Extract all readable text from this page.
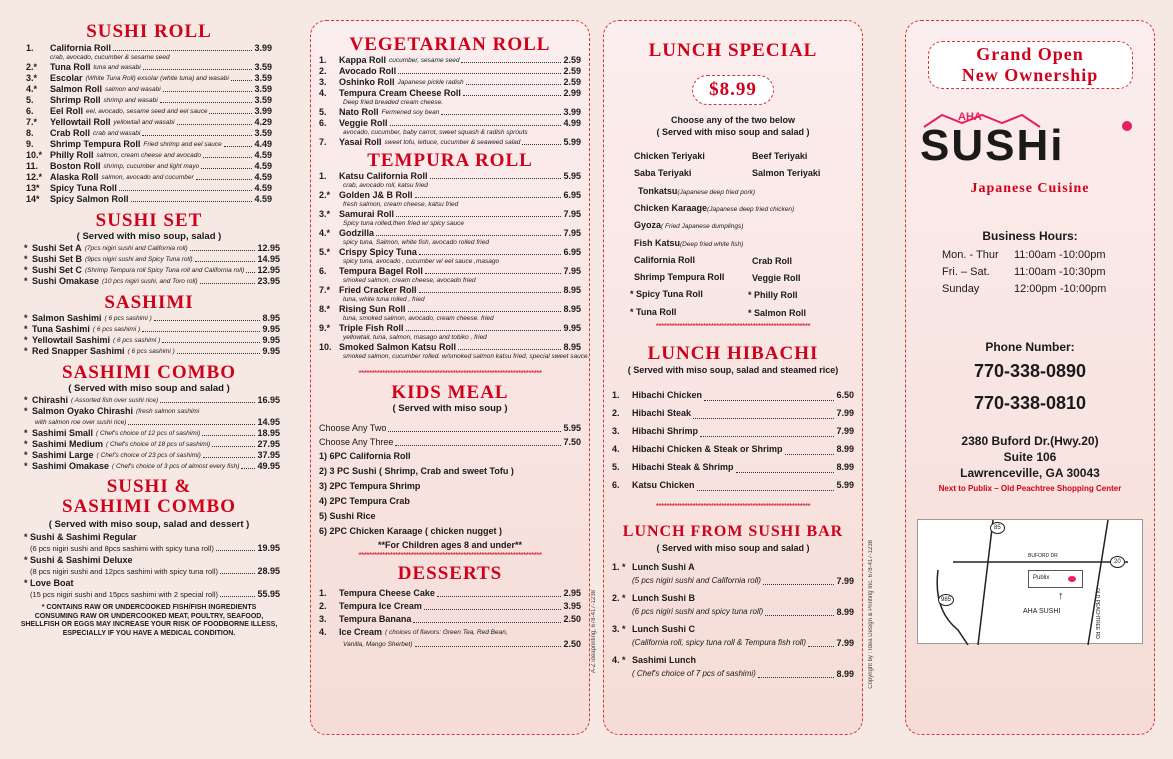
SUSHI ROLL
1.	California Roll	3.99
crab, avocado, cucumber & sesame seed
2.*	Tuna Roll tuna and wasabi	3.59
3.*	Escolar (White Tuna Roll) exsolar (white tuna) and wasabi	3.59
4.*	Salmon Roll salmon and wasabi	3.59
5.	Shrimp Roll shrimp and wasabi	3.59
6.	Eel Roll eel, avocado, sesame seed and eel sauce	3.99
7.*	Yellowtail Roll yellowtail and wasabi	4.29
8.	Crab Roll crab and wasabi	3.59
9.	Shrimp Tempura Roll Fried shrimp and eel sauce	4.49
10.* Philly Roll salmon, cream cheese and avocado	4.59
11.	Boston Roll shrimp, cucumber and light mayo	4.59
12.* Alaska Roll salmon, avocado and cucumber	4.59
13*	Spicy Tuna Roll	4.59
14*	Spicy Salmon Roll	4.59
SUSHI SET
( Served with miso soup, salad )
* Sushi Set A (7pcs nigiri sushi and California roll)	12.95
* Sushi Set B (9pcs nigiri sushi and Spicy Tuna roll)	14.95
* Sushi Set C (Shrimp Tempura roll Spicy Tuna roll and California roll) 12.95
* Sushi Omakase (10 pcs nigiri sushi, and Toro roll)	23.95
SASHIMI
* Salmon Sashimi ( 6 pcs sashimi )	8.95
* Tuna Sashimi ( 6 pcs sashimi )	9.95
* Yellowtail Sashimi ( 6 pcs sashimi )	9.95
* Red Snapper Sashimi ( 6 pcs sashimi )	9.95
SASHIMI COMBO
( Served with miso soup and salad )
* Chirashi ( Assorted fish over sushi rice)	16.95
* Salmon Oyako Chirashi (fresh salmon sashimi
with salmon roe over sushi rice)	14.95
* Sashimi Small ( Chef's choice of 12 pcs of sashimi)	18.95
* Sashimi Medium ( Chef's choice of 18 pcs of sashimi)	27.95
* Sashimi Large ( Chef's choice of 23 pcs of sashimi)	37.95
* Sashimi Omakase ( Chef's choice of 3 pcs of almost every fish) 49.95
SUSHI &
SASHIMI COMBO
( Served with miso soup, salad and dessert )
* Sushi & Sashimi Regular
(6 pcs nigiri sushi and 8pcs sashimi with spicy tuna roll)	19.95
* Sushi & Sashimi Deluxe
(8 pcs nigiri sushi and 12pcs sashimi with spicy tuna roll)	28.95
* Love Boat
(15 pcs nigiri sushi and 15pcs sashimi with 2 special roll)	55.95
* CONTAINS RAW OR UNDERCOOKED FISH/FISH INGREDIENTS
CONSUMING RAW OR UNDERCOOKED MEAT, POULTRY, SEAFOOD,
SHELLFISH OR EGGS MAY INCREASE YOUR RISK OF FOODBORNE ILLESS,
ESPECIALLY IF YOU HAVE A MEDICAL CONDITION.
VEGETARIAN ROLL
1.	Kappa Roll cucumber, sesame seed	2.59
2.	Avocado Roll	2.59
3.	Oshinko Roll Japanese pickle radish	2.59
4.	Tempura Cream Cheese Roll	2.99
Deep fried breaded cream cheese.
5.	Nato Roll Fermened soy bean	3.99
6.	Veggie Roll	4.99
avocado, cucumber, baby carrot, sweet squash & radish sprouts
7.	Yasai Roll sweet tofu, lettuce, cucumber & seaweed salad	5.99
TEMPURA ROLL
1.	Katsu California Roll	5.95
crab, avocado roll, katsu fried
2.* Golden J& B Roll	6.95
fresh salmon, cream cheese, katsu fried
3.* Samurai Roll	7.95
Spicy tuna rolled,then fried w/ spicy sauce
4.* Godzilla	7.95
spicy tuna, Salmon, white fish, avocado rolled fried
5.* Crispy Spicy Tuna	6.95
spicy tuna, avocado , cucumber w/ eel sauce ,masago
6.	Tempura Bagel Roll	7.95
smoked salmon, cream cheese, avocado fried
7.* Fried Cracker Roll	8.95
tuna, white tuna rolled , fried
8.* Rising Sun Roll	8.95
tuna, smoked salmon, avocado, cream cheese. fried
9.* Triple Fish Roll	9.95
yellowtail, tuna, salmon, masago and tobiko , fried
10. Smoked Salmon Katsu Roll	8.95
smoked salmon, cucumber rolled. w/smoked salmon katsu fried, special sweet sauce.
**********************************************************************
KIDS MEAL
( Served with miso soup )
Choose Any Two	5.95
Choose Any Three	7.50
1) 6PC California Roll
2) 3 PC Sushi ( Shrimp, Crab and sweet Tofu )
3) 2PC Tempura Shrimp
4) 2PC Tempura Crab
5) Sushi Rice
6) 2PC Chicken Karaage ( chicken nugget )
**For Children ages 8 and under**
**********************************************************************
DESSERTS
1.	Tempura Cheese Cake	2.95
2.	Tempura Ice Cream	3.95
3.	Tempura Banana	2.50
4.	Ice Cream ( choices of flavors: Green Tea, Red Bean,
Vanilla, Mango Sherbet)	2.50 A-Z ideaprinting, 678-417-1238
LUNCH SPECIAL
$8.99
Choose any of the two below
( Served with miso soup and salad )
Chicken Teriyaki
Saba Teriyaki
Tonkatsu(Japanese deep fried pork)
Chicken Karaage(Japanese deep fried chicken)
Gyoza( Fried Japanese dumplings)
Fish Katsu(Deep fried white fish)
California Roll
Shrimp Tempura Roll
* Spicy Tuna Roll
* Tuna Roll
Beef Teriyaki
Salmon Teriyaki
Crab Roll
Veggie Roll
* Philly Roll
* Salmon Roll
***********************************************************
LUNCH HIBACHI
( Served with miso soup, salad and steamed rice)
1.	Hibachi Chicken	6.50
2.	Hibachi Steak	7.99
3.	Hibachi Shrimp	7.99
4.	Hibachi Chicken & Steak or Shrimp	8.99
5.	Hibachi Steak & Shrimp	8.99
6.	Katsu Chicken	5.99
***********************************************************
LUNCH FROM SUSHI BAR
( Served with miso soup and salad )
1. * Lunch Sushi A
(5 pcs nigiri sushi and California roll)	7.99
2. * Lunch Sushi B
(6 pcs nigiri sushi and spicy tuna roll)	8.99
3. * Lunch Sushi C
(California roll, spicy tuna roll & Tempura fish roll)	7.99
4. * Sashimi Lunch
( Chef's choice of 7 pcs of sashimi)	8.99 Copyright by : Idea Design & Printing Inc. 678-417-1238
Grand Open
New Ownership
AHA
SUSHi
Japanese Cuisine
Business Hours:
Mon. - Thur	11:00am -10:00pm
Fri. – Sat.	11:00am -10:30pm
Sunday	12:00pm -10:00pm
Phone Number:
770-338-0890
770-338-0810
2380 Buford Dr.(Hwy.20)
Suite 106
Lawrenceville, GA 30043
Next to Publix – Old Peachtree Shopping Center
85
20
985
BUFORD DR
OLD PEACHTREE RD
Publix
↑
AHA SUSHI
